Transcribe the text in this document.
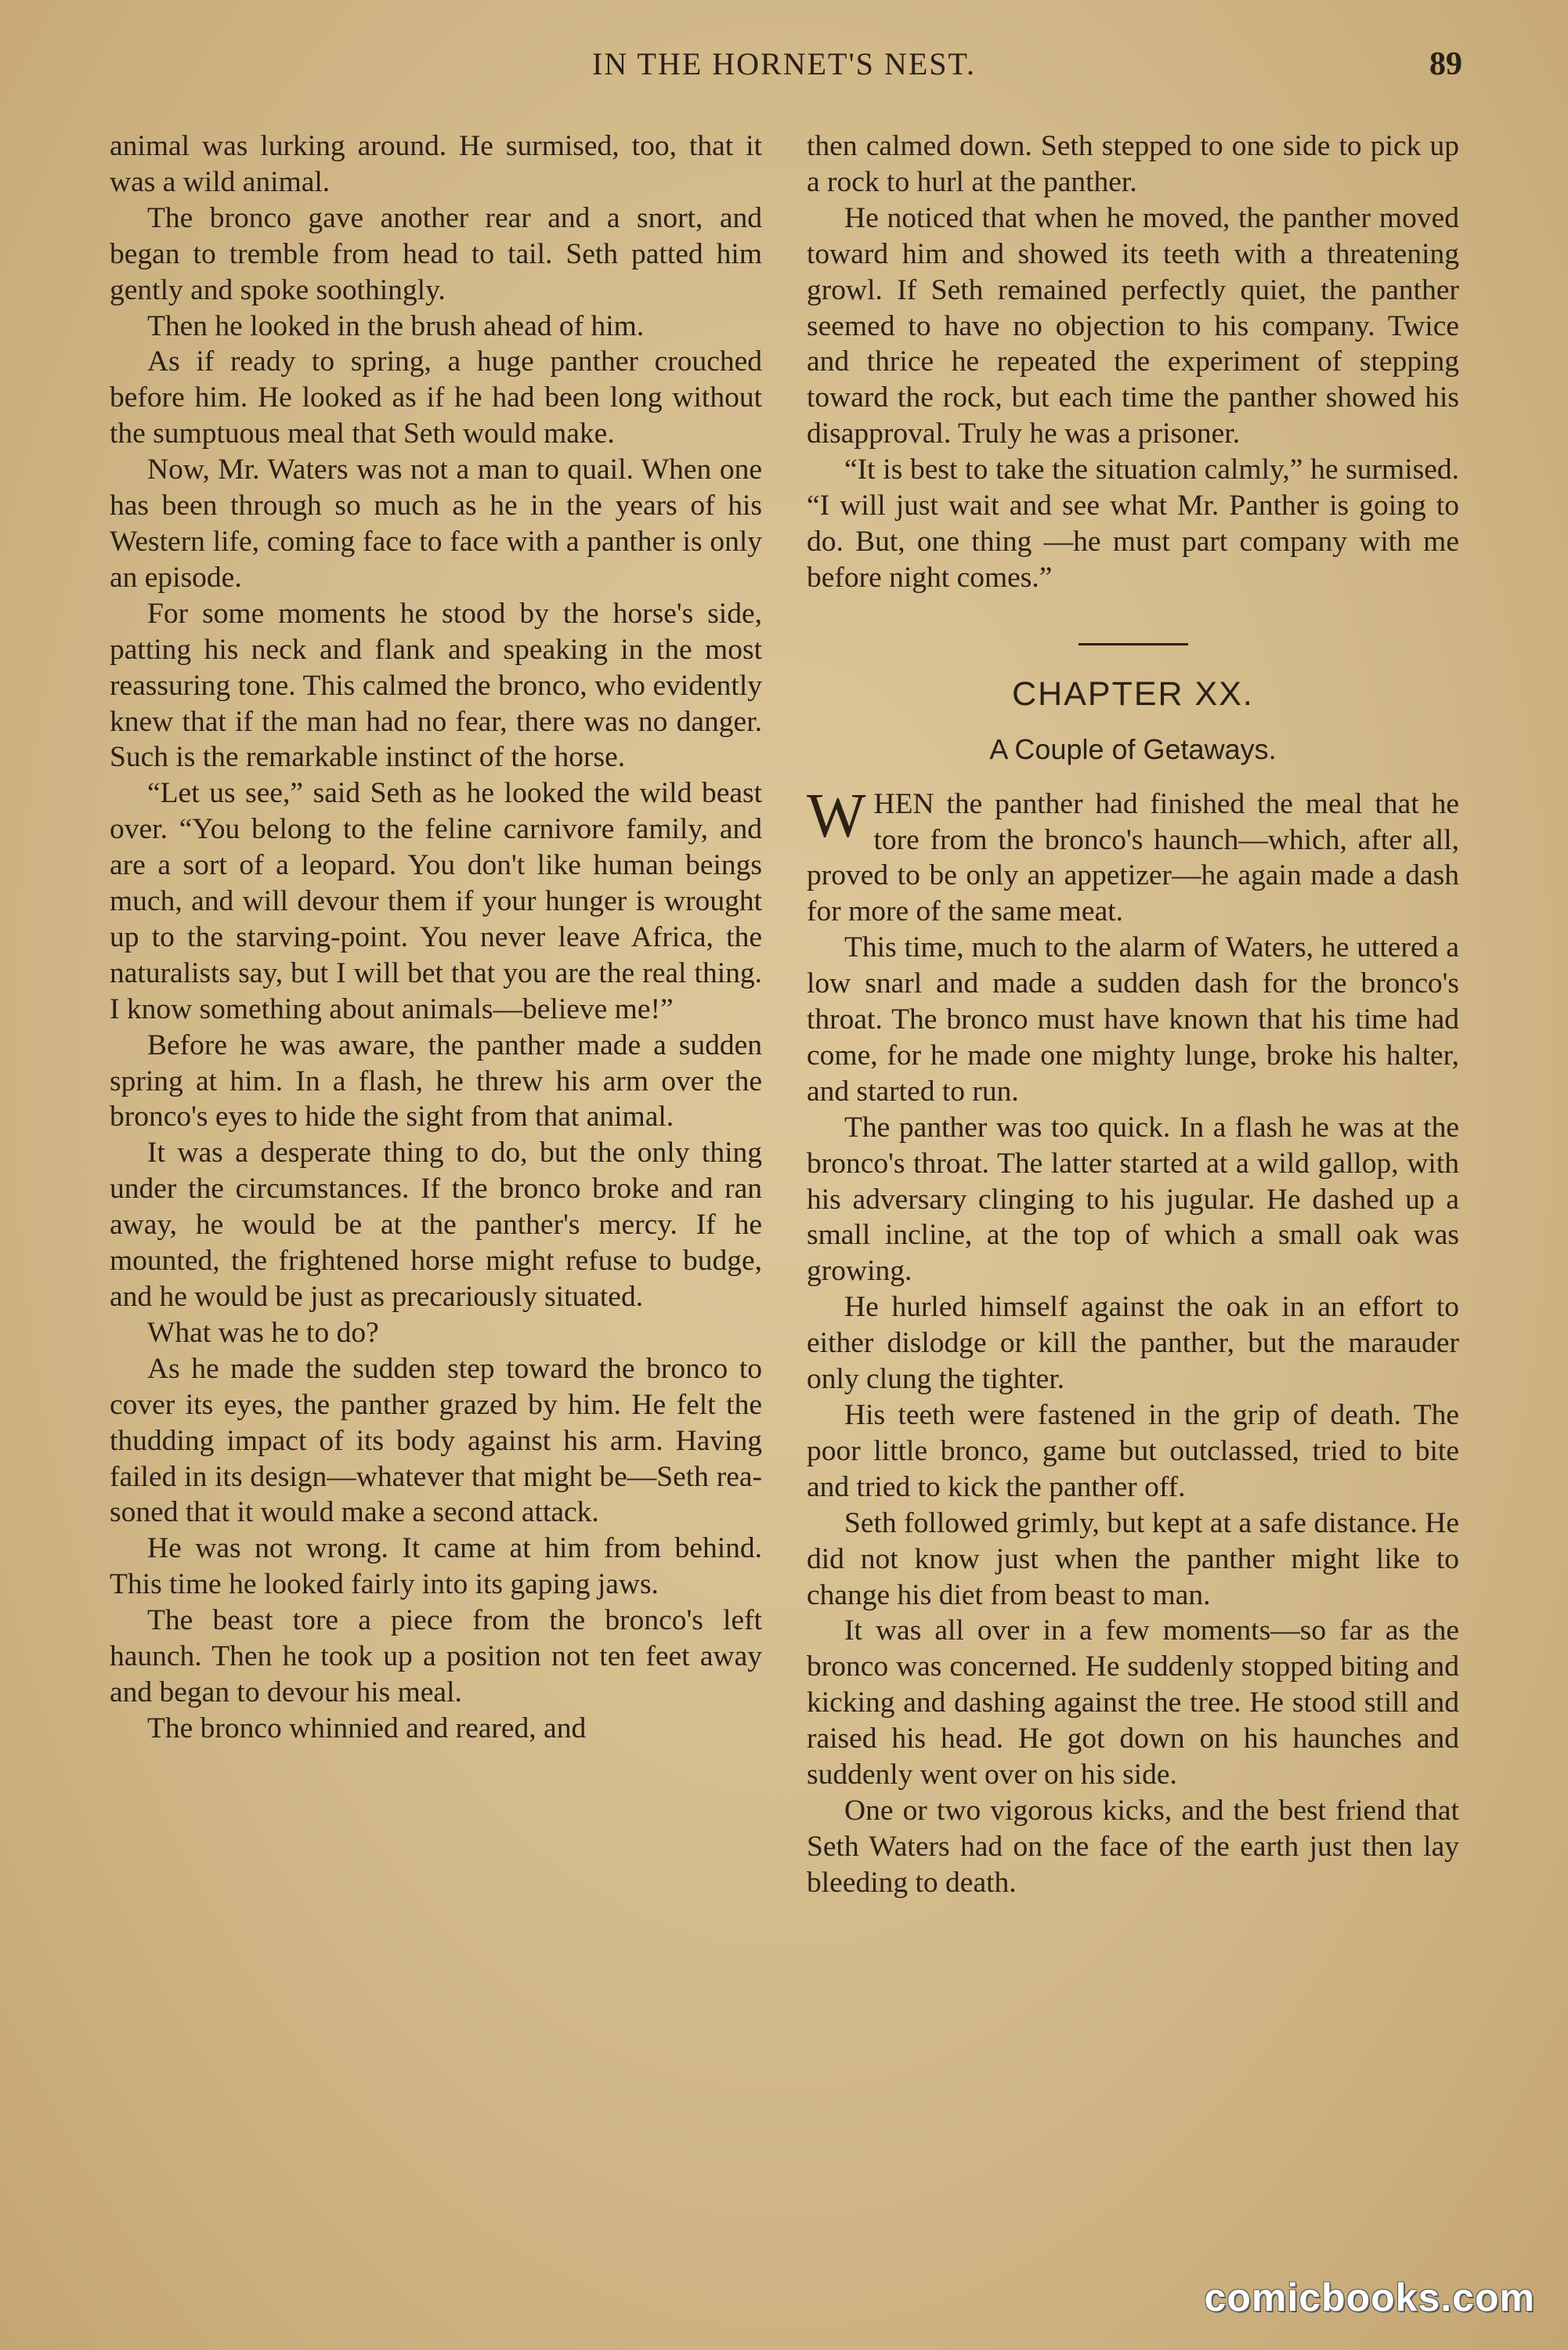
IN THE HORNET'S NEST.	89

animal was lurking around. He surmised, too, that it was a wild animal.

The bronco gave another rear and a snort, and began to tremble from head to tail. Seth patted him gently and spoke soothingly.

Then he looked in the brush ahead of him.

As if ready to spring, a huge panther crouched before him. He looked as if he had been long without the sumptuous meal that Seth would make.

Now, Mr. Waters was not a man to quail. When one has been through so much as he in the years of his Western life, coming face to face with a panther is only an episode.

For some moments he stood by the horse's side, patting his neck and flank and speaking in the most reassuring tone. This calmed the bronco, who evidently knew that if the man had no fear, there was no danger. Such is the remarkable instinct of the horse.

“Let us see,” said Seth as he looked the wild beast over. “You belong to the feline carnivore family, and are a sort of a leopard. You don't like human beings much, and will devour them if your hunger is wrought up to the starving-point. You never leave Africa, the naturalists say, but I will bet that you are the real thing. I know something about animals—believe me!”

Before he was aware, the panther made a sudden spring at him. In a flash, he threw his arm over the bronco's eyes to hide the sight from that animal.

It was a desperate thing to do, but the only thing under the circumstances. If the bronco broke and ran away, he would be at the panther's mercy. If he mounted, the frightened horse might refuse to budge, and he would be just as precariously situated.

What was he to do?

As he made the sudden step toward the bronco to cover its eyes, the panther grazed by him. He felt the thudding impact of its body against his arm. Having failed in its design—whatever that might be—Seth reasoned that it would make a second attack.

He was not wrong. It came at him from behind. This time he looked fairly into its gaping jaws.

The beast tore a piece from the bronco's left haunch. Then he took up a position not ten feet away and began to devour his meal.

The bronco whinnied and reared, and

then calmed down. Seth stepped to one side to pick up a rock to hurl at the panther.

He noticed that when he moved, the panther moved toward him and showed its teeth with a threatening growl. If Seth remained perfectly quiet, the panther seemed to have no objection to his company. Twice and thrice he repeated the experiment of stepping toward the rock, but each time the panther showed his disapproval. Truly he was a prisoner.

“It is best to take the situation calmly,” he surmised. “I will just wait and see what Mr. Panther is going to do. But, one thing —he must part company with me before night comes.”

CHAPTER XX.
A Couple of Getaways.

WHEN the panther had finished the meal that he tore from the bronco's haunch—which, after all, proved to be only an appetizer—he again made a dash for more of the same meat.

This time, much to the alarm of Waters, he uttered a low snarl and made a sudden dash for the bronco's throat. The bronco must have known that his time had come, for he made one mighty lunge, broke his halter, and started to run.

The panther was too quick. In a flash he was at the bronco's throat. The latter started at a wild gallop, with his adversary clinging to his jugular. He dashed up a small incline, at the top of which a small oak was growing.

He hurled himself against the oak in an effort to either dislodge or kill the panther, but the marauder only clung the tighter.

His teeth were fastened in the grip of death. The poor little bronco, game but outclassed, tried to bite and tried to kick the panther off.

Seth followed grimly, but kept at a safe distance. He did not know just when the panther might like to change his diet from beast to man.

It was all over in a few moments—so far as the bronco was concerned. He suddenly stopped biting and kicking and dashing against the tree. He stood still and raised his head. He got down on his haunches and suddenly went over on his side.

One or two vigorous kicks, and the best friend that Seth Waters had on the face of the earth just then lay bleeding to death.

comicbooks.com
